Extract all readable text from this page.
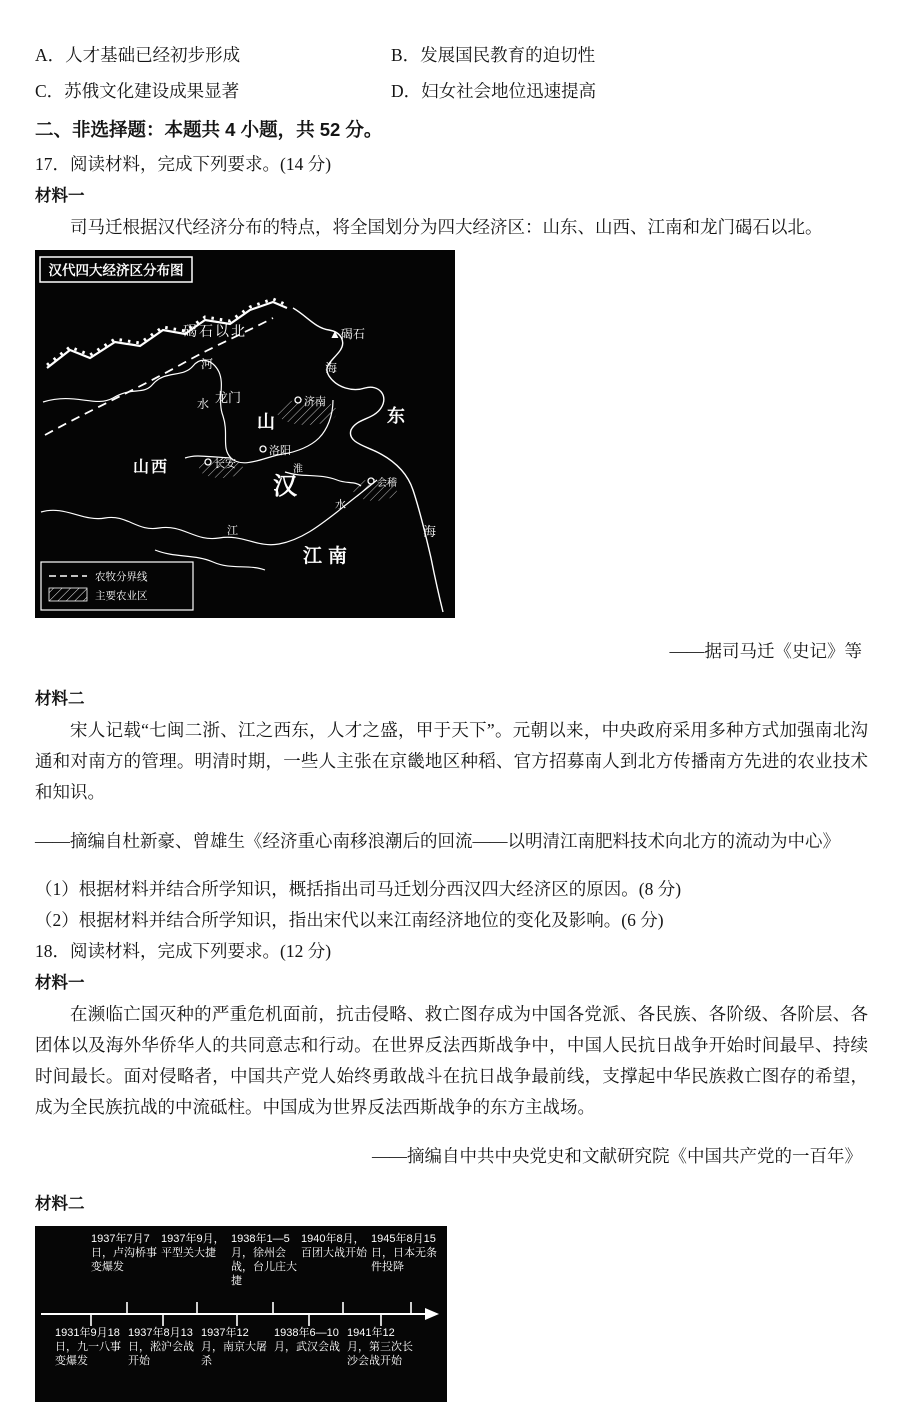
A．人才基础已经初步形成	B．发展国民教育的迫切性
C．苏俄文化建设成果显著	D．妇女社会地位迅速提高
二、非选择题：本题共 4 小题，共 52 分。

17．阅读材料，完成下列要求。(14 分)

材料一

司马迁根据汉代经济分布的特点，将全国划分为四大经济区：山东、山西、江南和龙门碣石以北。

汉代四大经济区分布图
碣石以北	▲碣石
河	海
水 龙门
山	东
济南
洛阳
山西	长安
汉
淮
会稽
水
江
江南
海
农牧分界线
主要农业区

——据司马迁《史记》等

材料二

宋人记载“七闽二浙、江之西东，人才之盛，甲于天下”。元朝以来，中央政府采用多种方式加强南北沟通和对南方的管理。明清时期，一些人主张在京畿地区种稻、官方招募南人到北方传播南方先进的农业技术和知识。

——摘编自杜新豪、曾雄生《经济重心南移浪潮后的回流——以明清江南肥料技术向北方的流动为中心》

（1）根据材料并结合所学知识，概括指出司马迁划分西汉四大经济区的原因。(8 分)

（2）根据材料并结合所学知识，指出宋代以来江南经济地位的变化及影响。(6 分)

18．阅读材料，完成下列要求。(12 分)

材料一

在濒临亡国灭种的严重危机面前，抗击侵略、救亡图存成为中国各党派、各民族、各阶级、各阶层、各团体以及海外华侨华人的共同意志和行动。在世界反法西斯战争中，中国人民抗日战争开始时间最早、持续时间最长。面对侵略者，中国共产党人始终勇敢战斗在抗日战争最前线，支撑起中华民族救亡图存的希望，成为全民族抗战的中流砥柱。中国成为世界反法西斯战争的东方主战场。

——摘编自中共中央党史和文献研究院《中国共产党的一百年》

材料二
1937年7月7日，卢沟桥事变爆发
1937年9月，平型关大捷
1938年1—5月，徐州会战，台儿庄大捷
1940年8月，百团大战开始
1945年8月15日，日本无条件投降
1931年9月18日，九一八事变爆发
1937年8月13日，淞沪会战开始
1937年12月，南京大屠杀
1938年6—10月，武汉会战
1941年12月，第三次长沙会战开始
